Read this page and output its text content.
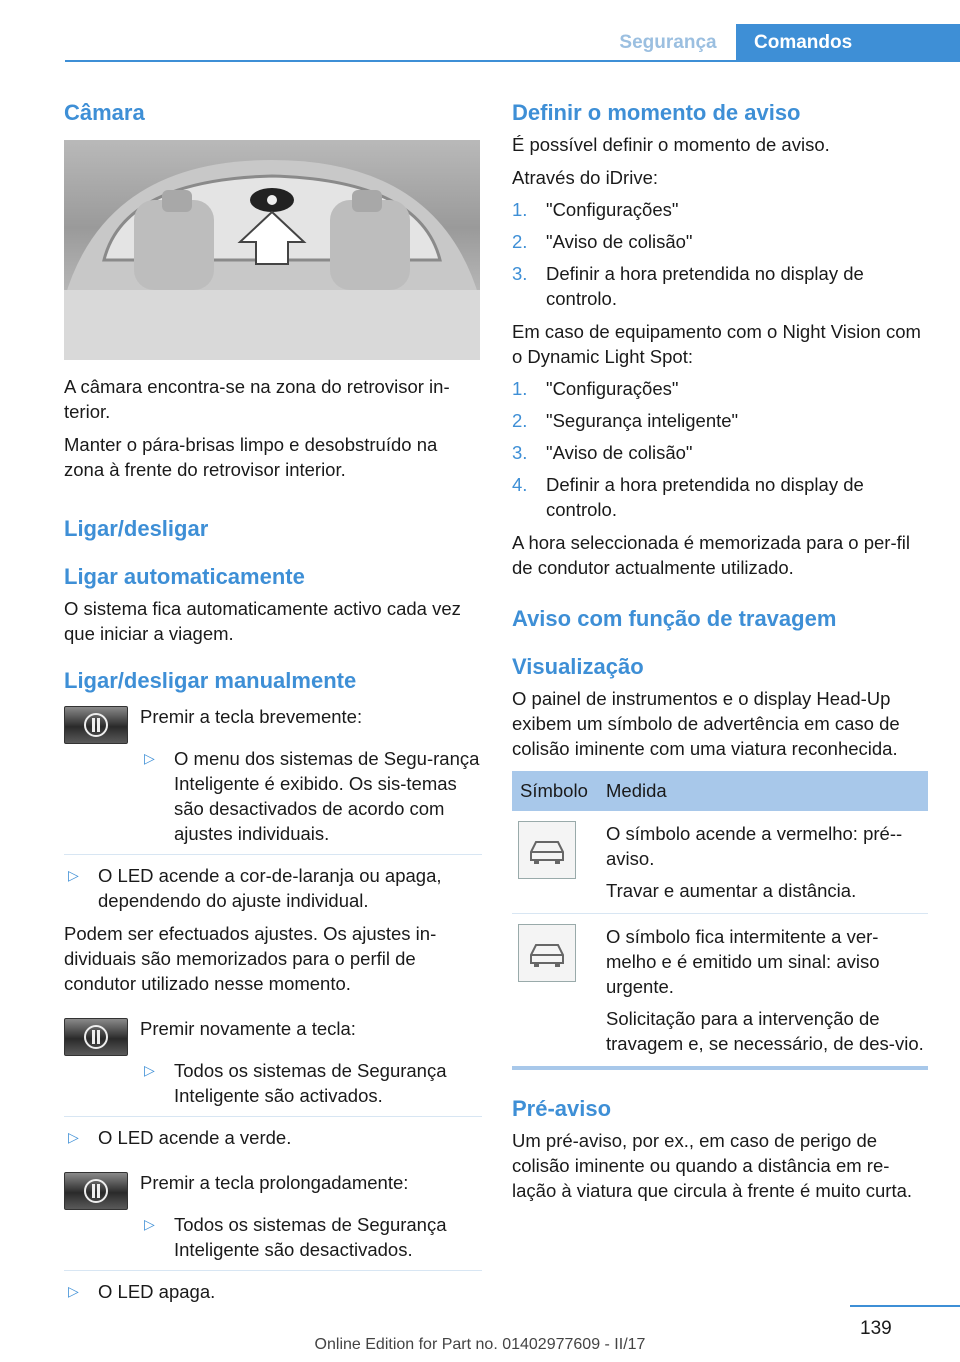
Segurança	Comandos
Câmara

A câmara encontra-se na zona do retrovisor in-terior.

Manter o pára-brisas limpo e desobstruído na zona à frente do retrovisor interior.

Ligar/desligar
Ligar automaticamente

O sistema fica automaticamente activo cada vez que iniciar a viagem.

Ligar/desligar manualmente

Premir a tecla brevemente:

▷ O menu dos sistemas de Segu-rança Inteligente é exibido. Os sis-temas são desactivados de acordo com ajustes individuais.
▷ O LED acende a cor-de-laranja ou apaga, dependendo do ajuste individual.

Podem ser efectuados ajustes. Os ajustes in-dividuais são memorizados para o perfil de condutor utilizado nesse momento.

Premir novamente a tecla:

▷ Todos os sistemas de Segurança Inteligente são activados.
▷ O LED acende a verde.

Premir a tecla prolongadamente:

▷ Todos os sistemas de Segurança Inteligente são desactivados.
▷ O LED apaga.
Definir o momento de aviso

É possível definir o momento de aviso.

Através do iDrive:

1. "Configurações"
2. "Aviso de colisão"
3. Definir a hora pretendida no display de controlo.

Em caso de equipamento com o Night Vision com o Dynamic Light Spot:

1. "Configurações"
2. "Segurança inteligente"
3. "Aviso de colisão"
4. Definir a hora pretendida no display de controlo.

A hora seleccionada é memorizada para o per-fil de condutor actualmente utilizado.

Aviso com função de travagem
Visualização

O painel de instrumentos e o display Head-Up exibem um símbolo de advertência em caso de colisão iminente com uma viatura reconhecida.

Símbolo Medida

O símbolo acende a vermelho: pré--aviso.

Travar e aumentar a distância.

O símbolo fica intermitente a ver-melho e é emitido um sinal: aviso urgente.

Solicitação para a intervenção de travagem e, se necessário, de des-vio.

Pré-aviso

Um pré-aviso, por ex., em caso de perigo de colisão iminente ou quando a distância em re-lação à viatura que circula à frente é muito curta.

139
Online Edition for Part no. 01402977609 - II/17
